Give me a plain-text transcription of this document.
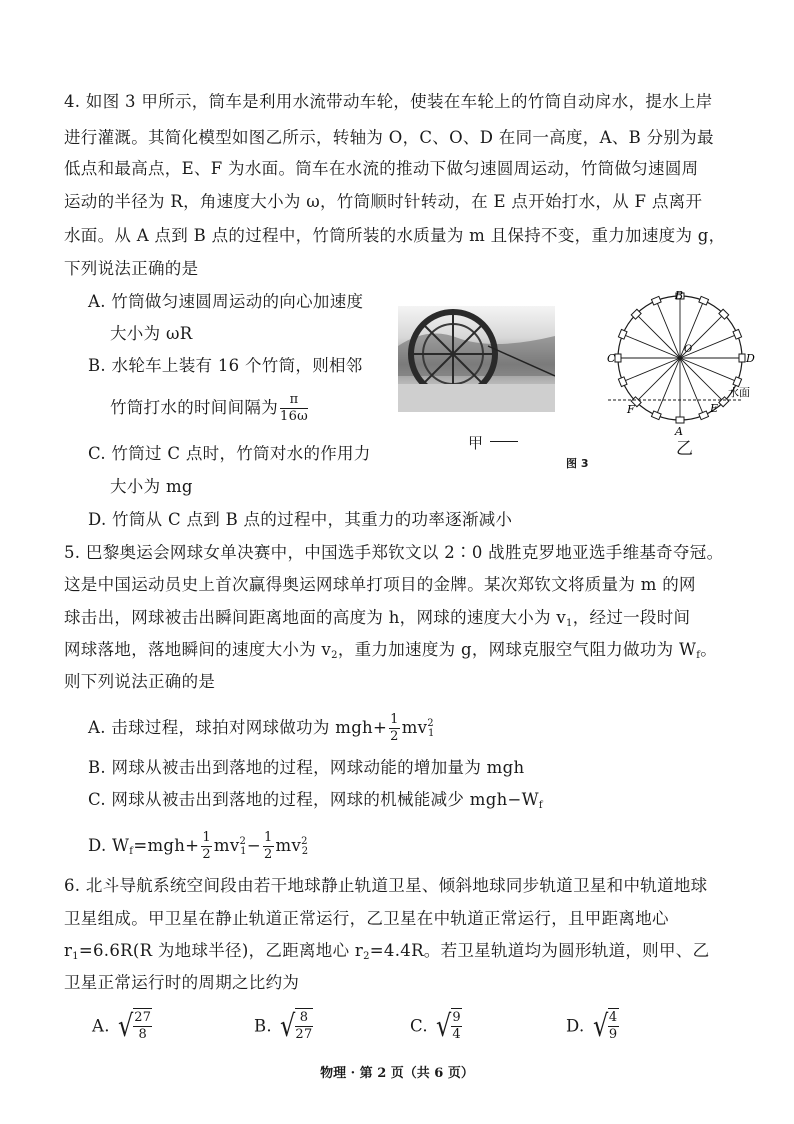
4. 如图 3 甲所示，筒车是利用水流带动车轮，使装在车轮上的竹筒自动戽水，提水上岸
进行灌溉。其简化模型如图乙所示，转轴为 O，C、O、D 在同一高度，A、B 分别为最
低点和最高点，E、F 为水面。筒车在水流的推动下做匀速圆周运动，竹筒做匀速圆周
运动的半径为 R，角速度大小为 ω，竹筒顺时针转动，在 E 点开始打水，从 F 点离开
水面。从 A 点到 B 点的过程中，竹筒所装的水质量为 m 且保持不变，重力加速度为 g，
下列说法正确的是
A. 竹筒做匀速圆周运动的向心加速度
大小为 ωR
B. 水轮车上装有 16 个竹筒，则相邻
竹筒打水的时间间隔为 $\frac{\pi}{16\omega}$
C. 竹筒过 C 点时，竹筒对水的作用力
大小为 mg
D. 竹筒从 C 点到 B 点的过程中，其重力的功率逐渐减小
甲
B
C	D
O
A
E
F
水面
乙
图 3
5. 巴黎奥运会网球女单决赛中，中国选手郑钦文以 2∶0 战胜克罗地亚选手维基奇夺冠。
这是中国运动员史上首次赢得奥运网球单打项目的金牌。某次郑钦文将质量为 m 的网
球击出，网球被击出瞬间距离地面的高度为 h，网球的速度大小为 $v_1$，经过一段时间
网球落地，落地瞬间的速度大小为 $v_2$，重力加速度为 g，网球克服空气阻力做功为 $W_f$。
则下列说法正确的是
A. 击球过程，球拍对网球做功为 $mgh+ \frac{1}{2} mv^2_1$
B. 网球从被击出到落地的过程，网球动能的增加量为 mgh
C. 网球从被击出到落地的过程，网球的机械能减少 $mgh-W_f$
D. $W_f=mgh+ \frac{1}{2} mv^2_1- \frac{1}{2} mv^2_2$
6. 北斗导航系统空间段由若干地球静止轨道卫星、倾斜地球同步轨道卫星和中轨道地球
卫星组成。甲卫星在静止轨道正常运行，乙卫星在中轨道正常运行，且甲距离地心
$r_1=6.6R(R$ 为地球半径)，乙距离地心 $r_2=4.4R$。若卫星轨道均为圆形轨道，则甲、乙
卫星正常运行时的周期之比约为
A. √ $\frac{27}{8}$	B. √ $\frac{8}{27}$	C. √ $\frac{9}{4}$	D. √ $\frac{4}{9}$
物理 · 第 2 页（共 6 页）
